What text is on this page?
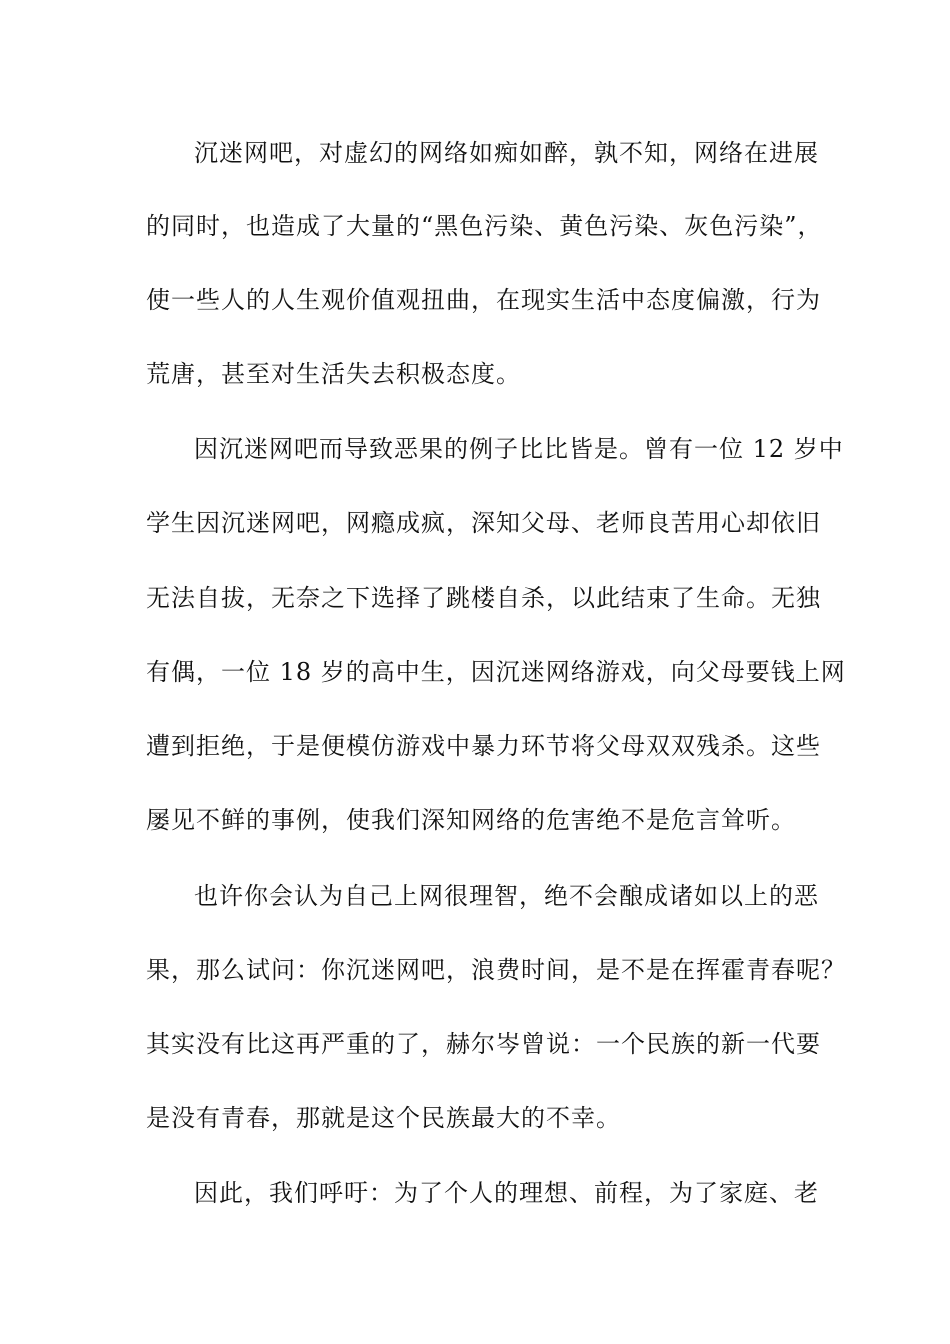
沉迷网吧，对虚幻的网络如痴如醉，孰不知，网络在进展
的同时，也造成了大量的“黑色污染、黄色污染、灰色污染”，
使一些人的人生观价值观扭曲，在现实生活中态度偏激，行为
荒唐，甚至对生活失去积极态度。
因沉迷网吧而导致恶果的例子比比皆是。曾有一位 12 岁中
学生因沉迷网吧，网瘾成疯，深知父母、老师良苦用心却依旧
无法自拔，无奈之下选择了跳楼自杀，以此结束了生命。无独
有偶，一位 18 岁的高中生，因沉迷网络游戏，向父母要钱上网
遭到拒绝，于是便模仿游戏中暴力环节将父母双双残杀。这些
屡见不鲜的事例，使我们深知网络的危害绝不是危言耸听。
也许你会认为自己上网很理智，绝不会酿成诸如以上的恶
果，那么试问：你沉迷网吧，浪费时间，是不是在挥霍青春呢？
其实没有比这再严重的了，赫尔岑曾说：一个民族的新一代要
是没有青春，那就是这个民族最大的不幸。
因此，我们呼吁：为了个人的理想、前程，为了家庭、老
